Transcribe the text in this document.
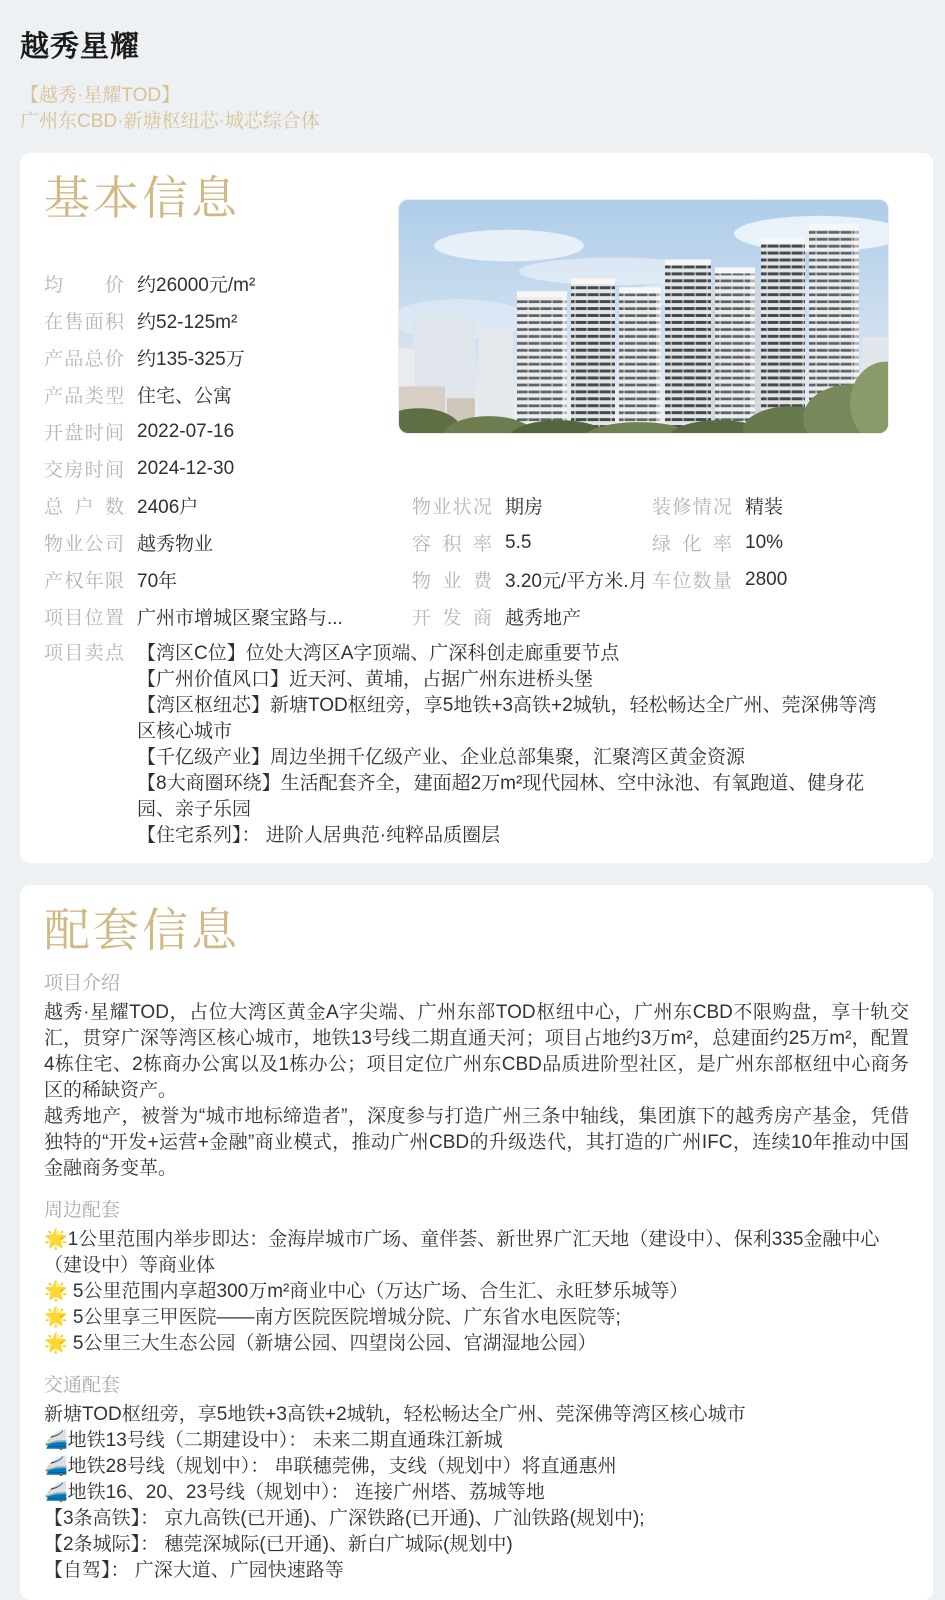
越秀星耀
【越秀·星耀TOD】
广州东CBD·新塘枢纽芯·城芯综合体
基本信息
均价 约26000元/m²
在售面积 约52-125m²
产品总价 约135-325万
产品类型 住宅、公寓
开盘时间 2022-07-16
交房时间 2024-12-30
总户数 2406户
物业公司 越秀物业
产权年限 70年
项目位置 广州市增城区聚宝路与...
物业状况 期房
容积率 5.5
物业费 3.20元/平方米.月
开发商 越秀地产
装修情况 精装
绿化率 10%
车位数量 2800
项目卖点 【湾区C位】位处大湾区A字顶端、广深科创走廊重要节点
【广州价值风口】近天河、黄埔，占据广州东进桥头堡
【湾区枢纽芯】新塘TOD枢纽旁，享5地铁+3高铁+2城轨，轻松畅达全广州、莞深佛等湾区核心城市
【千亿级产业】周边坐拥千亿级产业、企业总部集聚，汇聚湾区黄金资源
【8大商圈环绕】生活配套齐全，建面超2万m²现代园林、空中泳池、有氧跑道、健身花园、亲子乐园
【住宅系列】： 进阶人居典范·纯粹品质圈层
配套信息
项目介绍

越秀·星耀TOD，占位大湾区黄金A字尖端、广州东部TOD枢纽中心，广州东CBD不限购盘，享十轨交汇，贯穿广深等湾区核心城市，地铁13号线二期直通天河；项目占地约3万m²，总建面约25万m²，配置4栋住宅、2栋商办公寓以及1栋办公；项目定位广州东CBD品质进阶型社区，是广州东部枢纽中心商务区的稀缺资产。

越秀地产，被誉为“城市地标缔造者”，深度参与打造广州三条中轴线，集团旗下的越秀房产基金，凭借独特的“开发+运营+金融”商业模式，推动广州CBD的升级迭代，其打造的广州IFC，连续10年推动中国金融商务变革。

周边配套
🌟1公里范围内举步即达：金海岸城市广场、童伴荟、新世界广汇天地（建设中）、保利335金融中心（建设中）等商业体
🌟 5公里范围内享超300万m²商业中心（万达广场、合生汇、永旺梦乐城等）
🌟 5公里享三甲医院——南方医院医院增城分院、广东省水电医院等;
🌟 5公里三大生态公园（新塘公园、四望岗公园、官湖湿地公园）
交通配套
新塘TOD枢纽旁，享5地铁+3高铁+2城轨，轻松畅达全广州、莞深佛等湾区核心城市
🚄地铁13号线（二期建设中）： 未来二期直通珠江新城
🚄地铁28号线（规划中）： 串联穗莞佛，支线（规划中）将直通惠州
🚄地铁16、20、23号线（规划中）： 连接广州塔、荔城等地
【3条高铁】： 京九高铁(已开通)、广深铁路(已开通)、广汕铁路(规划中);
【2条城际】： 穗莞深城际(已开通)、新白广城际(规划中)
【自驾】： 广深大道、广园快速路等
